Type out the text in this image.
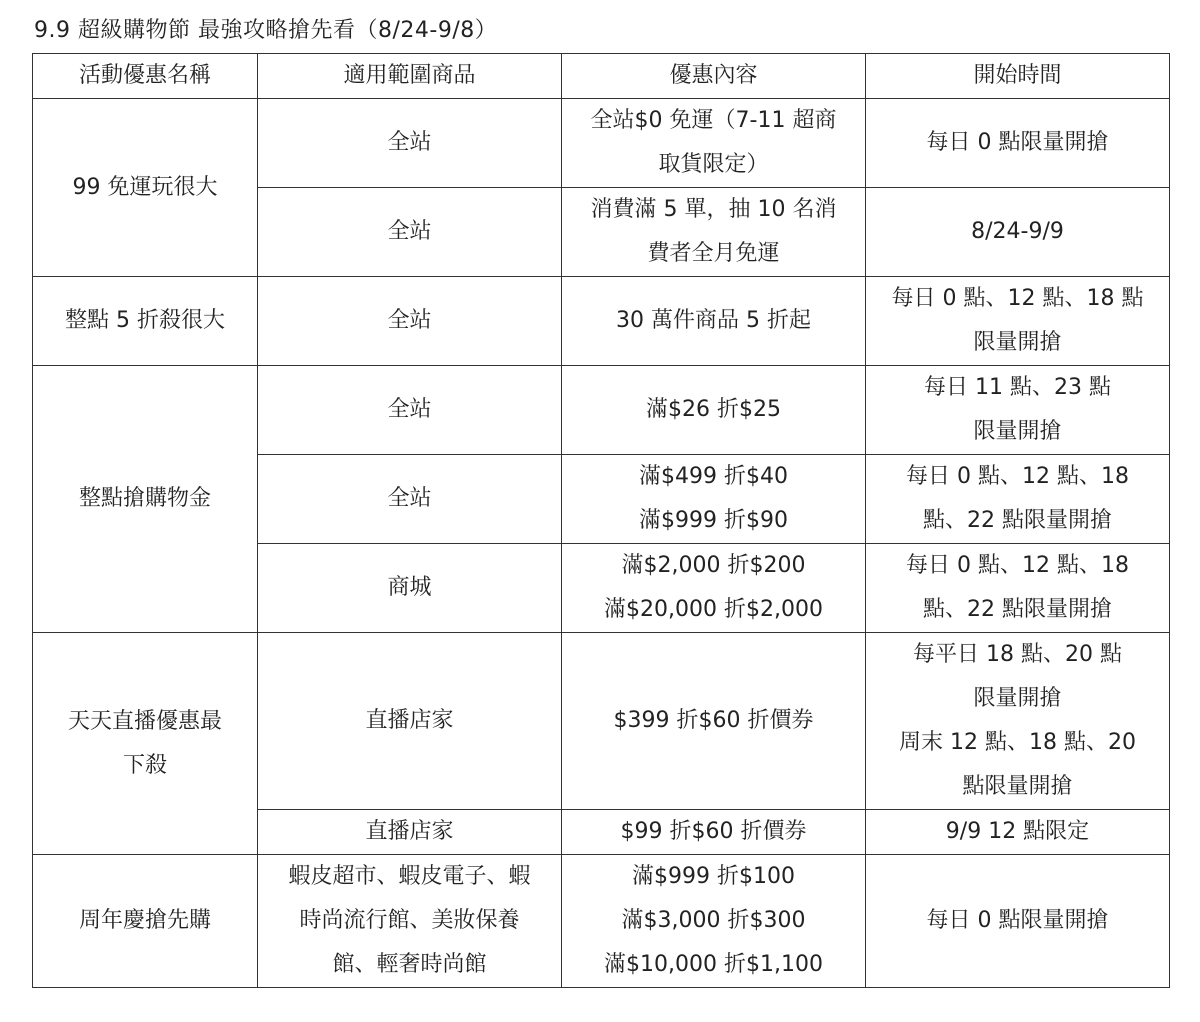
9.9 超級購物節 最強攻略搶先看（8/24-9/8）
活動優惠名稱	適用範圍商品	優惠內容	開始時間

99 免運玩很大	全站	全站$0 免運（7-11 超商
取貨限定）	每日 0 點限量開搶

	全站	消費滿 5 單，抽 10 名消
費者全月免運	8/24-9/9

整點 5 折殺很大	全站	30 萬件商品 5 折起	每日 0 點、12 點、18 點
限量開搶

整點搶購物金	全站	滿$26 折$25	每日 11 點、23 點
限量開搶

	全站	滿$499 折$40
滿$999 折$90	每日 0 點、12 點、18
點、22 點限量開搶

	商城	滿$2,000 折$200
滿$20,000 折$2,000	每日 0 點、12 點、18
點、22 點限量開搶

天天直播優惠最
下殺	直播店家	$399 折$60 折價券	每平日 18 點、20 點
限量開搶
周末 12 點、18 點、20
點限量開搶

	直播店家	$99 折$60 折價券	9/9 12 點限定

周年慶搶先購	蝦皮超市、蝦皮電子、蝦
時尚流行館、美妝保養
館、輕奢時尚館	滿$999 折$100
滿$3,000 折$300
滿$10,000 折$1,100	每日 0 點限量開搶
